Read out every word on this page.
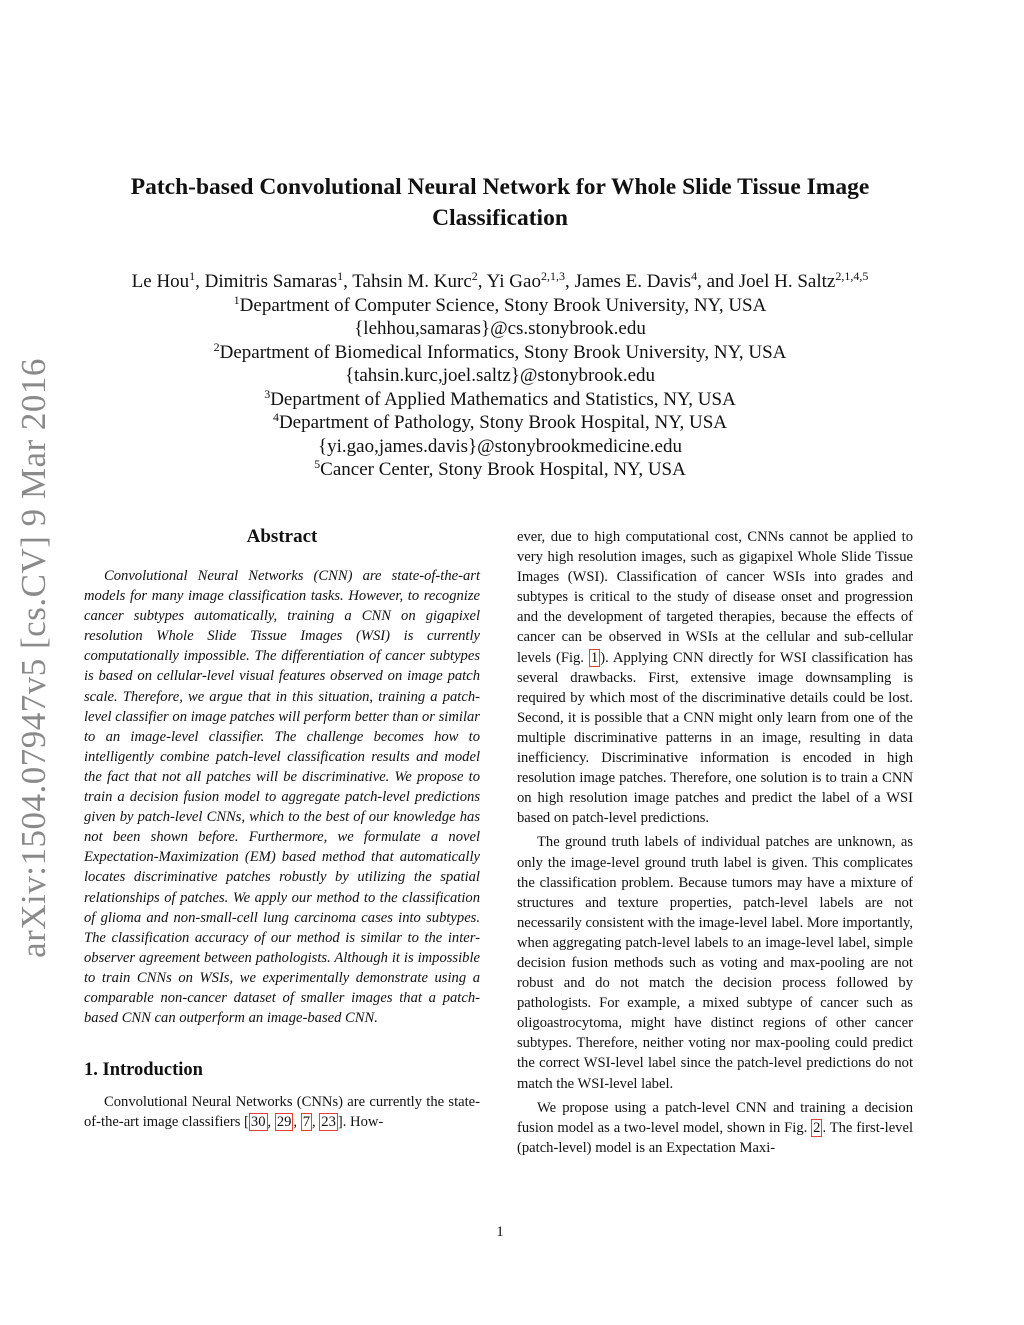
arXiv:1504.07947v5 [cs.CV] 9 Mar 2016
Patch-based Convolutional Neural Network for Whole Slide Tissue Image
Classification
Le Hou$^1$, Dimitris Samaras$^1$, Tahsin M. Kurc$^2$, Yi Gao$^{2,1,3}$, James E. Davis$^4$, and Joel H. Saltz$^{2,1,4,5}$
$^1$Department of Computer Science, Stony Brook University, NY, USA
{lehhou,samaras}@cs.stonybrook.edu
$^2$Department of Biomedical Informatics, Stony Brook University, NY, USA
{tahsin.kurc,joel.saltz}@stonybrook.edu
$^3$Department of Applied Mathematics and Statistics, NY, USA
$^4$Department of Pathology, Stony Brook Hospital, NY, USA
{yi.gao,james.davis}@stonybrookmedicine.edu
$^5$Cancer Center, Stony Brook Hospital, NY, USA
Abstract

Convolutional Neural Networks (CNN) are state-of-the-art models for many image classification tasks. However, to recognize cancer subtypes automatically, training a CNN on gigapixel resolution Whole Slide Tissue Images (WSI) is currently computationally impossible. The differentiation of cancer subtypes is based on cellular-level visual features observed on image patch scale. Therefore, we argue that in this situation, training a patch-level classifier on image patches will perform better than or similar to an image-level classifier. The challenge becomes how to intelligently combine patch-level classification results and model the fact that not all patches will be discriminative. We propose to train a decision fusion model to aggregate patch-level predictions given by patch-level CNNs, which to the best of our knowledge has not been shown before. Furthermore, we formulate a novel Expectation-Maximization (EM) based method that automatically locates discriminative patches robustly by utilizing the spatial relationships of patches. We apply our method to the classification of glioma and non-small-cell lung carcinoma cases into subtypes. The classification accuracy of our method is similar to the inter-observer agreement between pathologists. Although it is impossible to train CNNs on WSIs, we experimentally demonstrate using a comparable non-cancer dataset of smaller images that a patch-based CNN can outperform an image-based CNN.

1. Introduction

Convolutional Neural Networks (CNNs) are currently the state-of-the-art image classifiers [ 30 , 29 , 7 , 23 ]. How-

ever, due to high computational cost, CNNs cannot be applied to very high resolution images, such as gigapixel Whole Slide Tissue Images (WSI). Classification of cancer WSIs into grades and subtypes is critical to the study of disease onset and progression and the development of targeted therapies, because the effects of cancer can be observed in WSIs at the cellular and sub-cellular levels (Fig. 1 ). Applying CNN directly for WSI classification has several drawbacks. First, extensive image downsampling is required by which most of the discriminative details could be lost. Second, it is possible that a CNN might only learn from one of the multiple discriminative patterns in an image, resulting in data inefficiency. Discriminative information is encoded in high resolution image patches. Therefore, one solution is to train a CNN on high resolution image patches and predict the label of a WSI based on patch-level predictions.

The ground truth labels of individual patches are unknown, as only the image-level ground truth label is given. This complicates the classification problem. Because tumors may have a mixture of structures and texture properties, patch-level labels are not necessarily consistent with the image-level label. More importantly, when aggregating patch-level labels to an image-level label, simple decision fusion methods such as voting and max-pooling are not robust and do not match the decision process followed by pathologists. For example, a mixed subtype of cancer such as oligoastrocytoma, might have distinct regions of other cancer subtypes. Therefore, neither voting nor max-pooling could predict the correct WSI-level label since the patch-level predictions do not match the WSI-level label.

We propose using a patch-level CNN and training a decision fusion model as a two-level model, shown in Fig. 2 . The first-level (patch-level) model is an Expectation Maxi-

1
